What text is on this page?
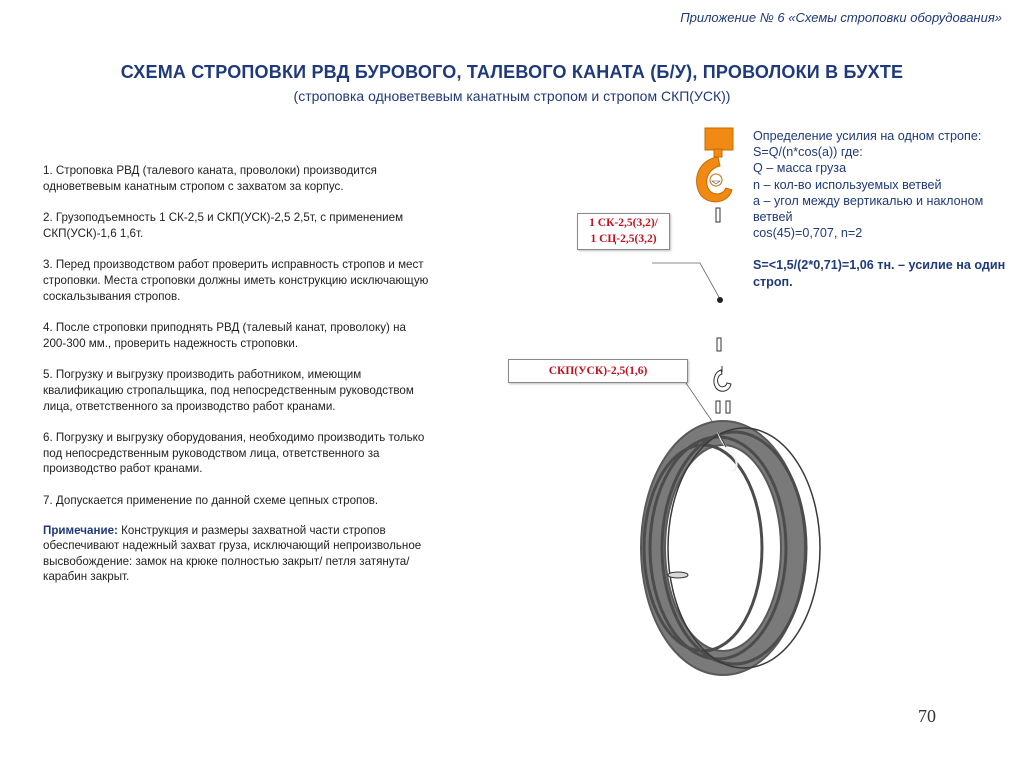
Приложение № 6 «Схемы строповки оборудования»
СХЕМА СТРОПОВКИ РВД БУРОВОГО, ТАЛЕВОГО КАНАТА (Б/У), ПРОВОЛОКИ В БУХТЕ
(строповка одноветвевым канатным стропом и стропом СКП(УСК))

1. Строповка РВД (талевого каната, проволоки) производится одноветвевым канатным стропом с захватом за корпус.

2. Грузоподъемность 1 СК-2,5 и СКП(УСК)-2,5 2,5т, с применением СКП(УСК)-1,6 1,6т.

3. Перед производством работ проверить исправность стропов и мест строповки. Места строповки должны иметь конструкцию исключающую соскальзывания стропов.

4. После строповки приподнять РВД (талевый канат, проволоку) на 200-300 мм., проверить надежность строповки.

5. Погрузку и выгрузку производить работником, имеющим квалификацию стропальщика, под непосредственным руководством лица, ответственного за производство работ кранами.

6. Погрузку и выгрузку оборудования, необходимо производить только под непосредственным руководством лица, ответственного за производство работ кранами.

7. Допускается применение по данной схеме цепных стропов.

Примечание: Конструкция и размеры захватной части стропов обеспечивают надежный захват груза, исключающий непроизвольное высвобождение: замок на крюке полностью закрыт/ петля затянута/ карабин закрыт.

Определение усилия на одном стропе:

S=Q/(n*cos(a)) где:

Q – масса груза

n – кол-во используемых ветвей

а – угол между вертикалью и наклоном ветвей

cos(45)=0,707, n=2

S=<1,5/(2*0,71)=1,06 тн. – усилие на один строп.

1 СК-2,5(3,2)/
1 СЦ-2,5(3,2)
СКП(УСК)-2,5(1,6)
70
